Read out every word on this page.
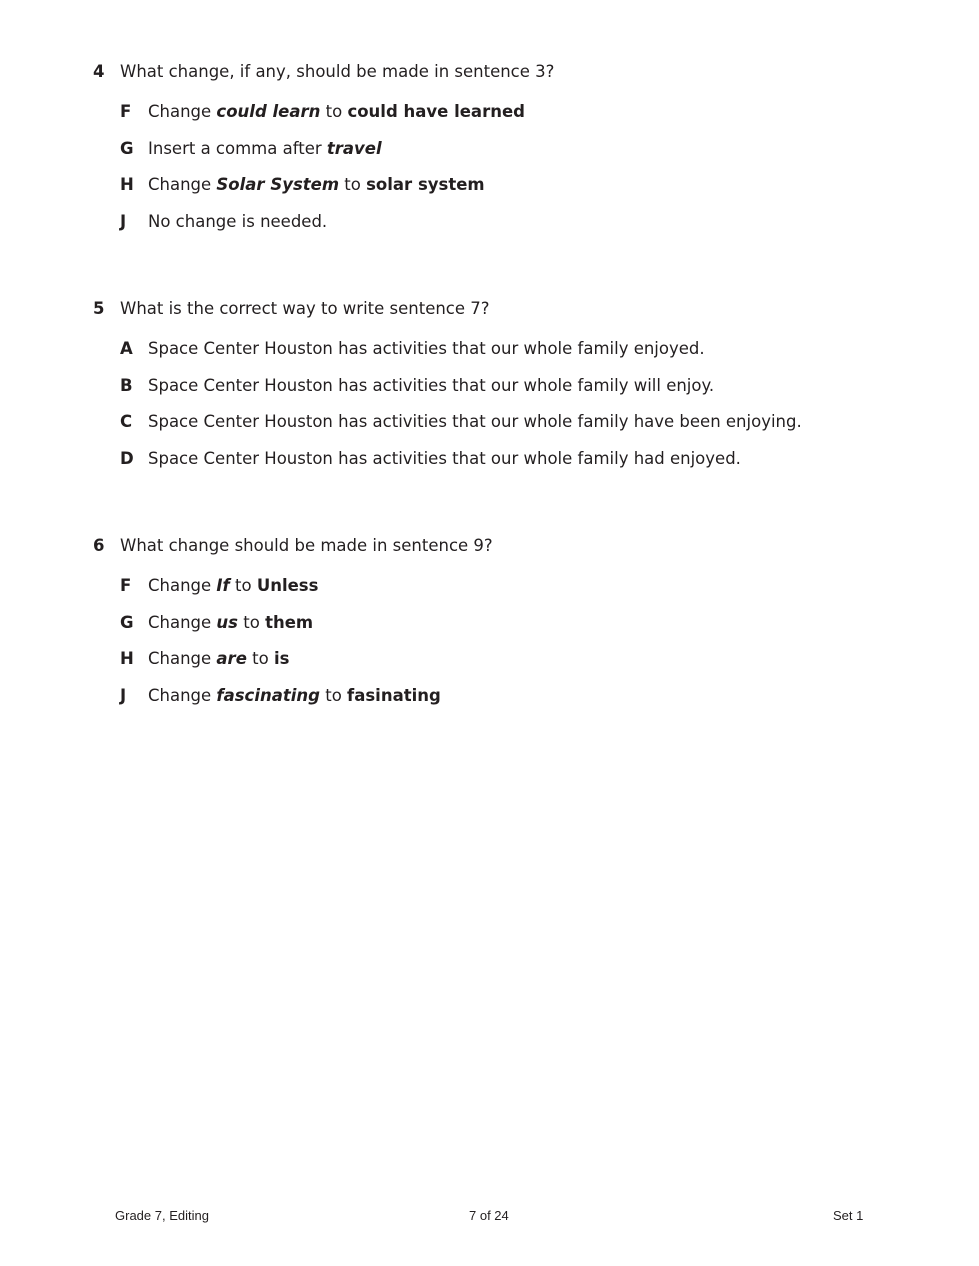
4 What change, if any, should be made in sentence 3?
F	Change could learn to could have learned
G Insert a comma after travel
H Change Solar System to solar system
J	No change is needed.
5 What is the correct way to write sentence 7?
A Space Center Houston has activities that our whole family enjoyed.
B Space Center Houston has activities that our whole family will enjoy.
C Space Center Houston has activities that our whole family have been enjoying.
D Space Center Houston has activities that our whole family had enjoyed.
6 What change should be made in sentence 9?
F	Change If to Unless
G Change us to them
H Change are to is
J	Change fascinating to fasinating
Grade 7, Editing	7 of 24	Set 1
